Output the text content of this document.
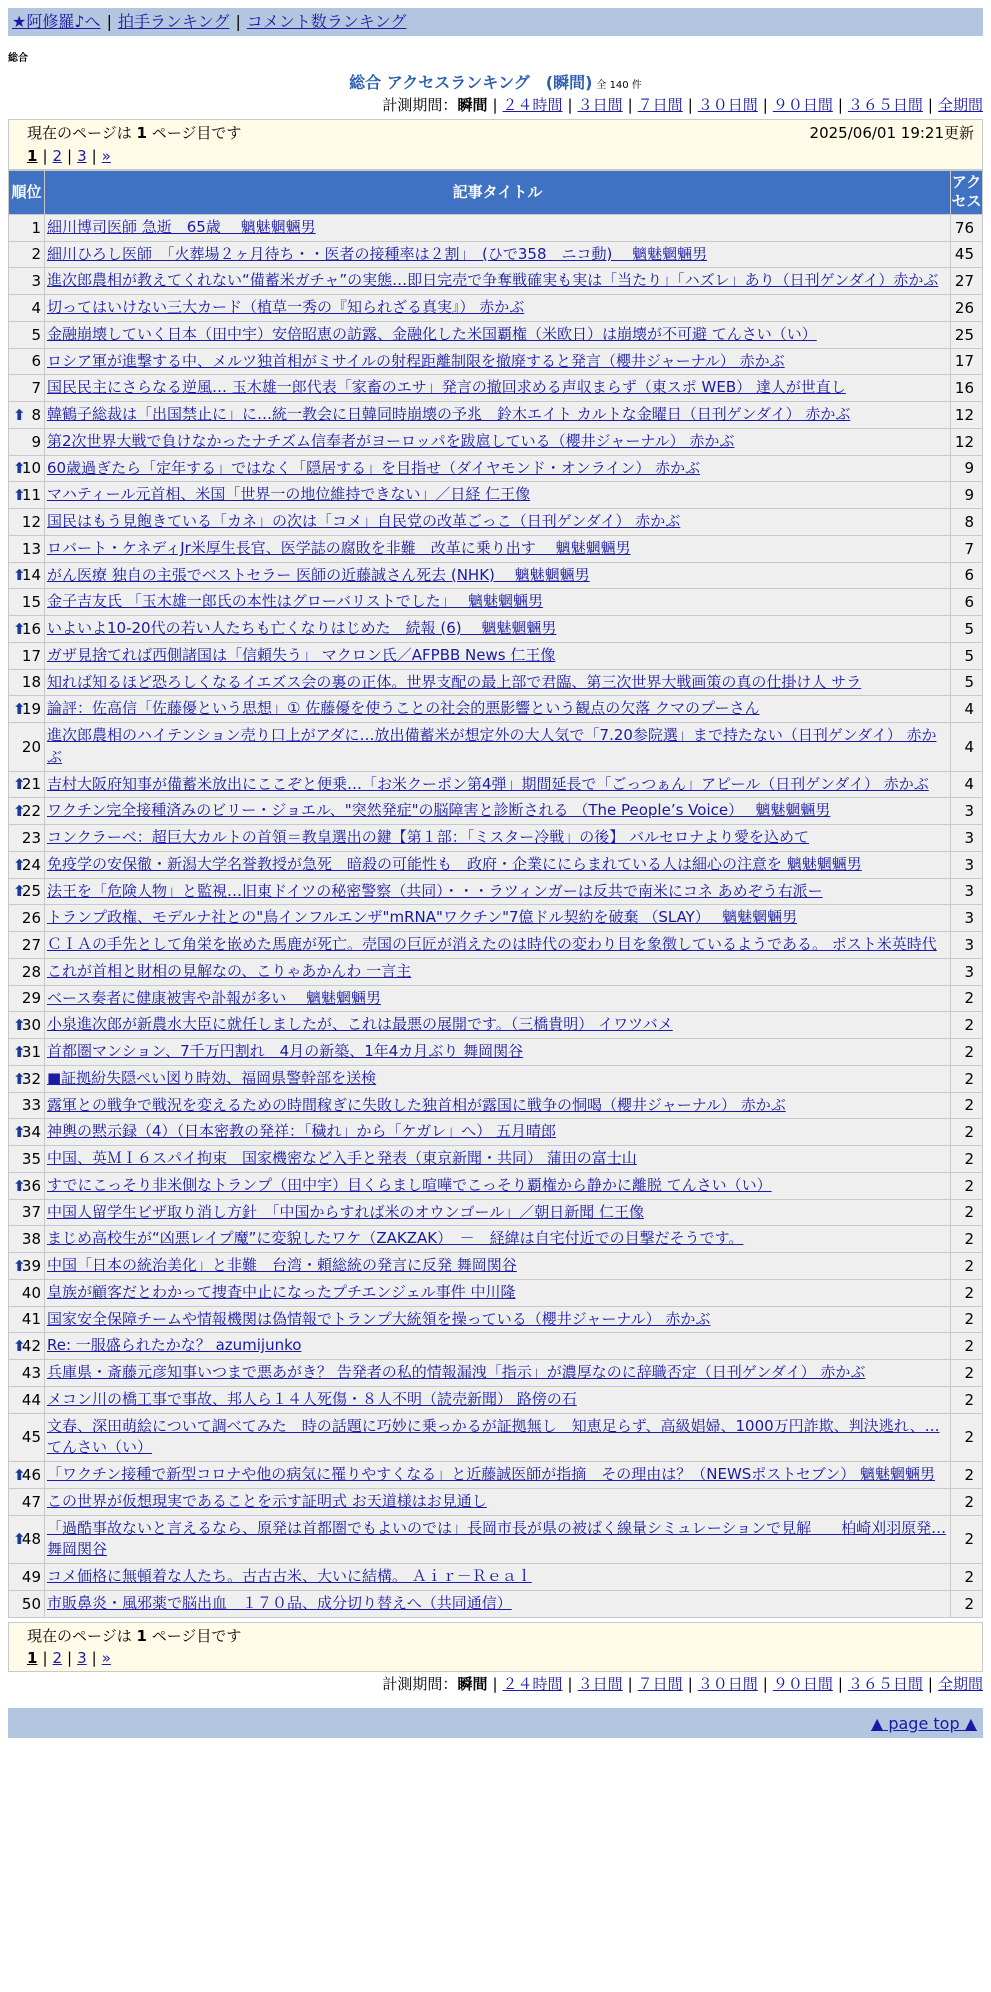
★阿修羅♪へ | 拍手ランキング | コメント数ランキング
総合
総合 アクセスランキング　(瞬間) 全 140 件
計測期間：瞬間 | ２４時間 | ３日間 | ７日間 | ３０日間 | ９０日間 | ３６５日間 | 全期間
現在のページは 1 ページ目です	2025/06/01 19:21更新
1 | 2 | 3 | »
順位	記事タイトル	アクセス
1	細川博司医師 急逝　65歳　 魑魅魍魎男	76
2	細川ひろし医師　「火葬場２ヶ月待ち・・医者の接種率は２割」　(ひで358　ニコ動)　 魑魅魍魎男	45
3	進次郎農相が教えてくれない“備蓄米ガチャ”の実態…即日完売で争奪戦確実も実は「当たり」「ハズレ」あり（日刊ゲンダイ）赤かぶ	27
4	切ってはいけない三大カード（植草一秀の『知られざる真実』） 赤かぶ	26
5	金融崩壊していく日本（田中宇）安倍昭恵の訪露、金融化した米国覇権（米欧日）は崩壊が不可避 てんさい（い）	25
6	ロシア軍が進撃する中、メルツ独首相がミサイルの射程距離制限を撤廃すると発言（櫻井ジャーナル） 赤かぶ	17
7	国民民主にさらなる逆風… 玉木雄一郎代表「家畜のエサ」発言の撤回求める声収まらず（東スポ WEB） 達人が世直し	16

⬆ 8	韓鶴子総裁は「出国禁止に」に…統一教会に日韓同時崩壊の予兆　鈴木エイト カルトな金曜日（日刊ゲンダイ） 赤かぶ	12
9	第2次世界大戦で負けなかったナチズム信奉者がヨーロッパを跋扈している（櫻井ジャーナル） 赤かぶ	12

⬆
10	60歳過ぎたら「定年する」ではなく「隠居する」を目指せ（ダイヤモンド・オンライン） 赤かぶ	9

⬆
11	マハティール元首相、米国「世界一の地位維持できない」／日経 仁王像	9
12	国民はもう見飽きている「カネ」の次は「コメ」自民党の改革ごっこ（日刊ゲンダイ） 赤かぶ	8
13	ロバート・ケネディJr米厚生長官、医学誌の腐敗を非難　改革に乗り出す　 魑魅魍魎男	7

⬆
14	がん医療 独自の主張でベストセラー 医師の近藤誠さん死去 (NHK)　 魑魅魍魎男	6
15	金子吉友氏 「玉木雄一郎氏の本性はグローバリストでした」　 魑魅魍魎男	6

⬆
16	いよいよ10-20代の若い人たちも亡くなりはじめた　続報 (6)　 魑魅魍魎男	5
17	ガザ見捨てれば西側諸国は「信頼失う」 マクロン氏／AFPBB News 仁王像	5
18	知れば知るほど恐ろしくなるイエズス会の裏の正体。世界支配の最上部で君臨、第三次世界大戦画策の真の仕掛け人 サラ	5

⬆
19	論評：佐高信「佐藤優という思想」① 佐藤優を使うことの社会的悪影響という観点の欠落 クマのプーさん	4
20	進次郎農相のハイテンション売り口上がアダに…放出備蓄米が想定外の大人気で「7.20参院選」まで持たない（日刊ゲンダイ） 赤かぶ	4

⬆
21	吉村大阪府知事が備蓄米放出にここぞと便乗…「お米クーポン第4弾」期間延長で「ごっつぁん」アピール（日刊ゲンダイ） 赤かぶ	4

⬆
22	ワクチン完全接種済みのビリー・ジョエル、"突然発症"の脳障害と診断される （The People’s Voice）　 魑魅魍魎男	3
23	コンクラーベ：超巨大カルトの首領＝教皇選出の鍵【第１部：「ミスター冷戦」の後】 バルセロナより愛を込めて	3

⬆
24	免疫学の安保徹・新潟大学名誉教授が急死　暗殺の可能性も　政府・企業ににらまれている人は細心の注意を 魑魅魍魎男	3

⬆
25	法王を「危険人物」と監視…旧東ドイツの秘密警察（共同）・・・ラツィンガーは反共で南米にコネ あめぞう右派ー	3
26	トランプ政権、モデルナ社との"鳥インフルエンザ"mRNA"ワクチン"7億ドル契約を破棄 （SLAY）　 魑魅魍魎男	3
27	ＣＩＡの手先として角栄を嵌めた馬鹿が死亡。売国の巨匠が消えたのは時代の変わり目を象徴しているようである。 ポスト米英時代	3
28	これが首相と財相の見解なの、こりゃあかんわ 一言主	3
29	ベース奏者に健康被害や訃報が多い　 魑魅魍魎男	2

⬆
30	小泉進次郎が新農水大臣に就任しましたが、これは最悪の展開です。（三橋貴明） イワツバメ	2

⬆
31	首都圏マンション、7千万円割れ　4月の新築、1年4カ月ぶり 舞岡関谷	2

⬆
32	■証拠紛失隠ぺい図り時効、福岡県警幹部を送検	2
33	露軍との戦争で戦況を変えるための時間稼ぎに失敗した独首相が露国に戦争の恫喝（櫻井ジャーナル） 赤かぶ	2

⬆
34	神輿の黙示録（4）（日本密教の発祥：「穢れ」から「ケガレ」へ） 五月晴郎	2
35	中国、英ＭＩ６スパイ拘束　国家機密など入手と発表（東京新聞・共同） 蒲田の富士山	2

⬆
36	すでにこっそり非米側なトランプ（田中宇）目くらまし喧嘩でこっそり覇権から静かに離脱 てんさい（い）	2
37	中国人留学生ビザ取り消し方針　「中国からすれば米のオウンゴール」／朝日新聞 仁王像	2
38	まじめ高校生が“凶悪レイプ魔”に変貌したワケ（ZAKZAK）　－　経緯は自宅付近での目撃だそうです。	2

⬆
39	中国「日本の統治美化」と非難　台湾・頼総統の発言に反発 舞岡関谷	2
40	皇族が顧客だとわかって捜査中止になったプチエンジェル事件 中川隆	2
41	国家安全保障チームや情報機関は偽情報でトランプ大統領を操っている（櫻井ジャーナル） 赤かぶ	2

⬆
42	Re: 一服盛られたかな？ azumijunko	2
43	兵庫県・斎藤元彦知事いつまで悪あがき？ 告発者の私的情報漏洩「指示」が濃厚なのに辞職否定（日刊ゲンダイ） 赤かぶ	2
44	メコン川の橋工事で事故、邦人ら１４人死傷・８人不明（読売新聞） 路傍の石	2
45	文春、深田萌絵について調べてみた　時の話題に巧妙に乗っかるが証拠無し　知恵足らず、高級娼婦、1000万円詐欺、判決逃れ、… てんさい（い）	2

⬆
46	「ワクチン接種で新型コロナや他の病気に罹りやすくなる」と近藤誠医師が指摘　その理由は？（NEWSポストセブン） 魑魅魍魎男	2
47	この世界が仮想現実であることを示す証明式 お天道様はお見通し	2

⬆
48	「過酷事故ないと言えるなら、原発は首都圏でもよいのでは」長岡市長が県の被ばく線量シミュレーションで見解　　柏崎刈羽原発… 舞岡関谷	2
49	コメ価格に無頓着な人たち。古古古米、大いに結構。 Ａｉｒ－Ｒｅａｌ	2
50	市販鼻炎・風邪薬で脳出血　１７０品、成分切り替えへ（共同通信）	2
現在のページは 1 ページ目です
1 | 2 | 3 | »
計測期間：瞬間 | ２４時間 | ３日間 | ７日間 | ３０日間 | ９０日間 | ３６５日間 | 全期間
▲ page top ▲
